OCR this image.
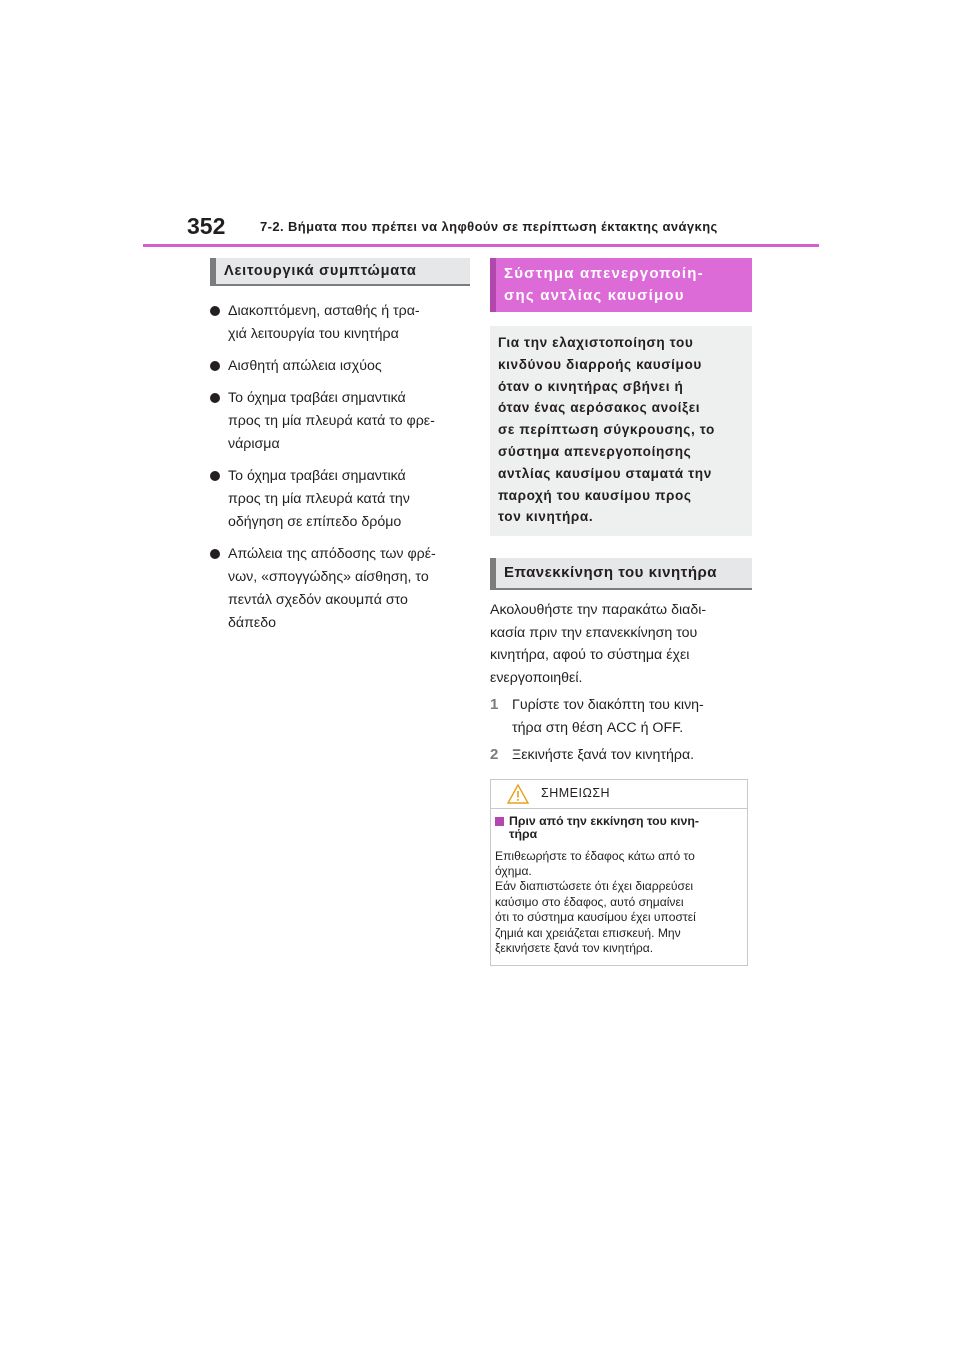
352	7-2. Βήματα που πρέπει να ληφθούν σε περίπτωση έκτακτης ανάγκης
Λειτουργικά συμπτώματα
Διακοπτόμενη, ασταθής ή τρα-
χιά λειτουργία του κινητήρα
Αισθητή απώλεια ισχύος
Το όχημα τραβάει σημαντικά
προς τη μία πλευρά κατά το φρε-
νάρισμα
Το όχημα τραβάει σημαντικά
προς τη μία πλευρά κατά την
οδήγηση σε επίπεδο δρόμο
Απώλεια της απόδοσης των φρέ-
νων, «σπογγώδης» αίσθηση, το
πεντάλ σχεδόν ακουμπά στο
δάπεδο
Σύστημα απενεργοποίη-
σης αντλίας καυσίμου
Για την ελαχιστοποίηση του
κινδύνου διαρροής καυσίμου
όταν ο κινητήρας σβήνει ή
όταν ένας αερόσακος ανοίξει
σε περίπτωση σύγκρουσης, το
σύστημα απενεργοποίησης
αντλίας καυσίμου σταματά την
παροχή του καυσίμου προς
τον κινητήρα.
Επανεκκίνηση του κινητήρα
Ακολουθήστε την παρακάτω διαδι-
κασία πριν την επανεκκίνηση του
κινητήρα, αφού το σύστημα έχει
ενεργοποιηθεί.
1 Γυρίστε τον διακόπτη του κινη-
τήρα στη θέση ACC ή OFF.
2 Ξεκινήστε ξανά τον κινητήρα.
ΣΗΜΕΙΩΣΗ
Πριν από την εκκίνηση του κινη-
τήρα
Επιθεωρήστε το έδαφος κάτω από το
όχημα.
Εάν διαπιστώσετε ότι έχει διαρρεύσει
καύσιμο στο έδαφος, αυτό σημαίνει
ότι το σύστημα καυσίμου έχει υποστεί
ζημιά και χρειάζεται επισκευή. Μην
ξεκινήσετε ξανά τον κινητήρα.
